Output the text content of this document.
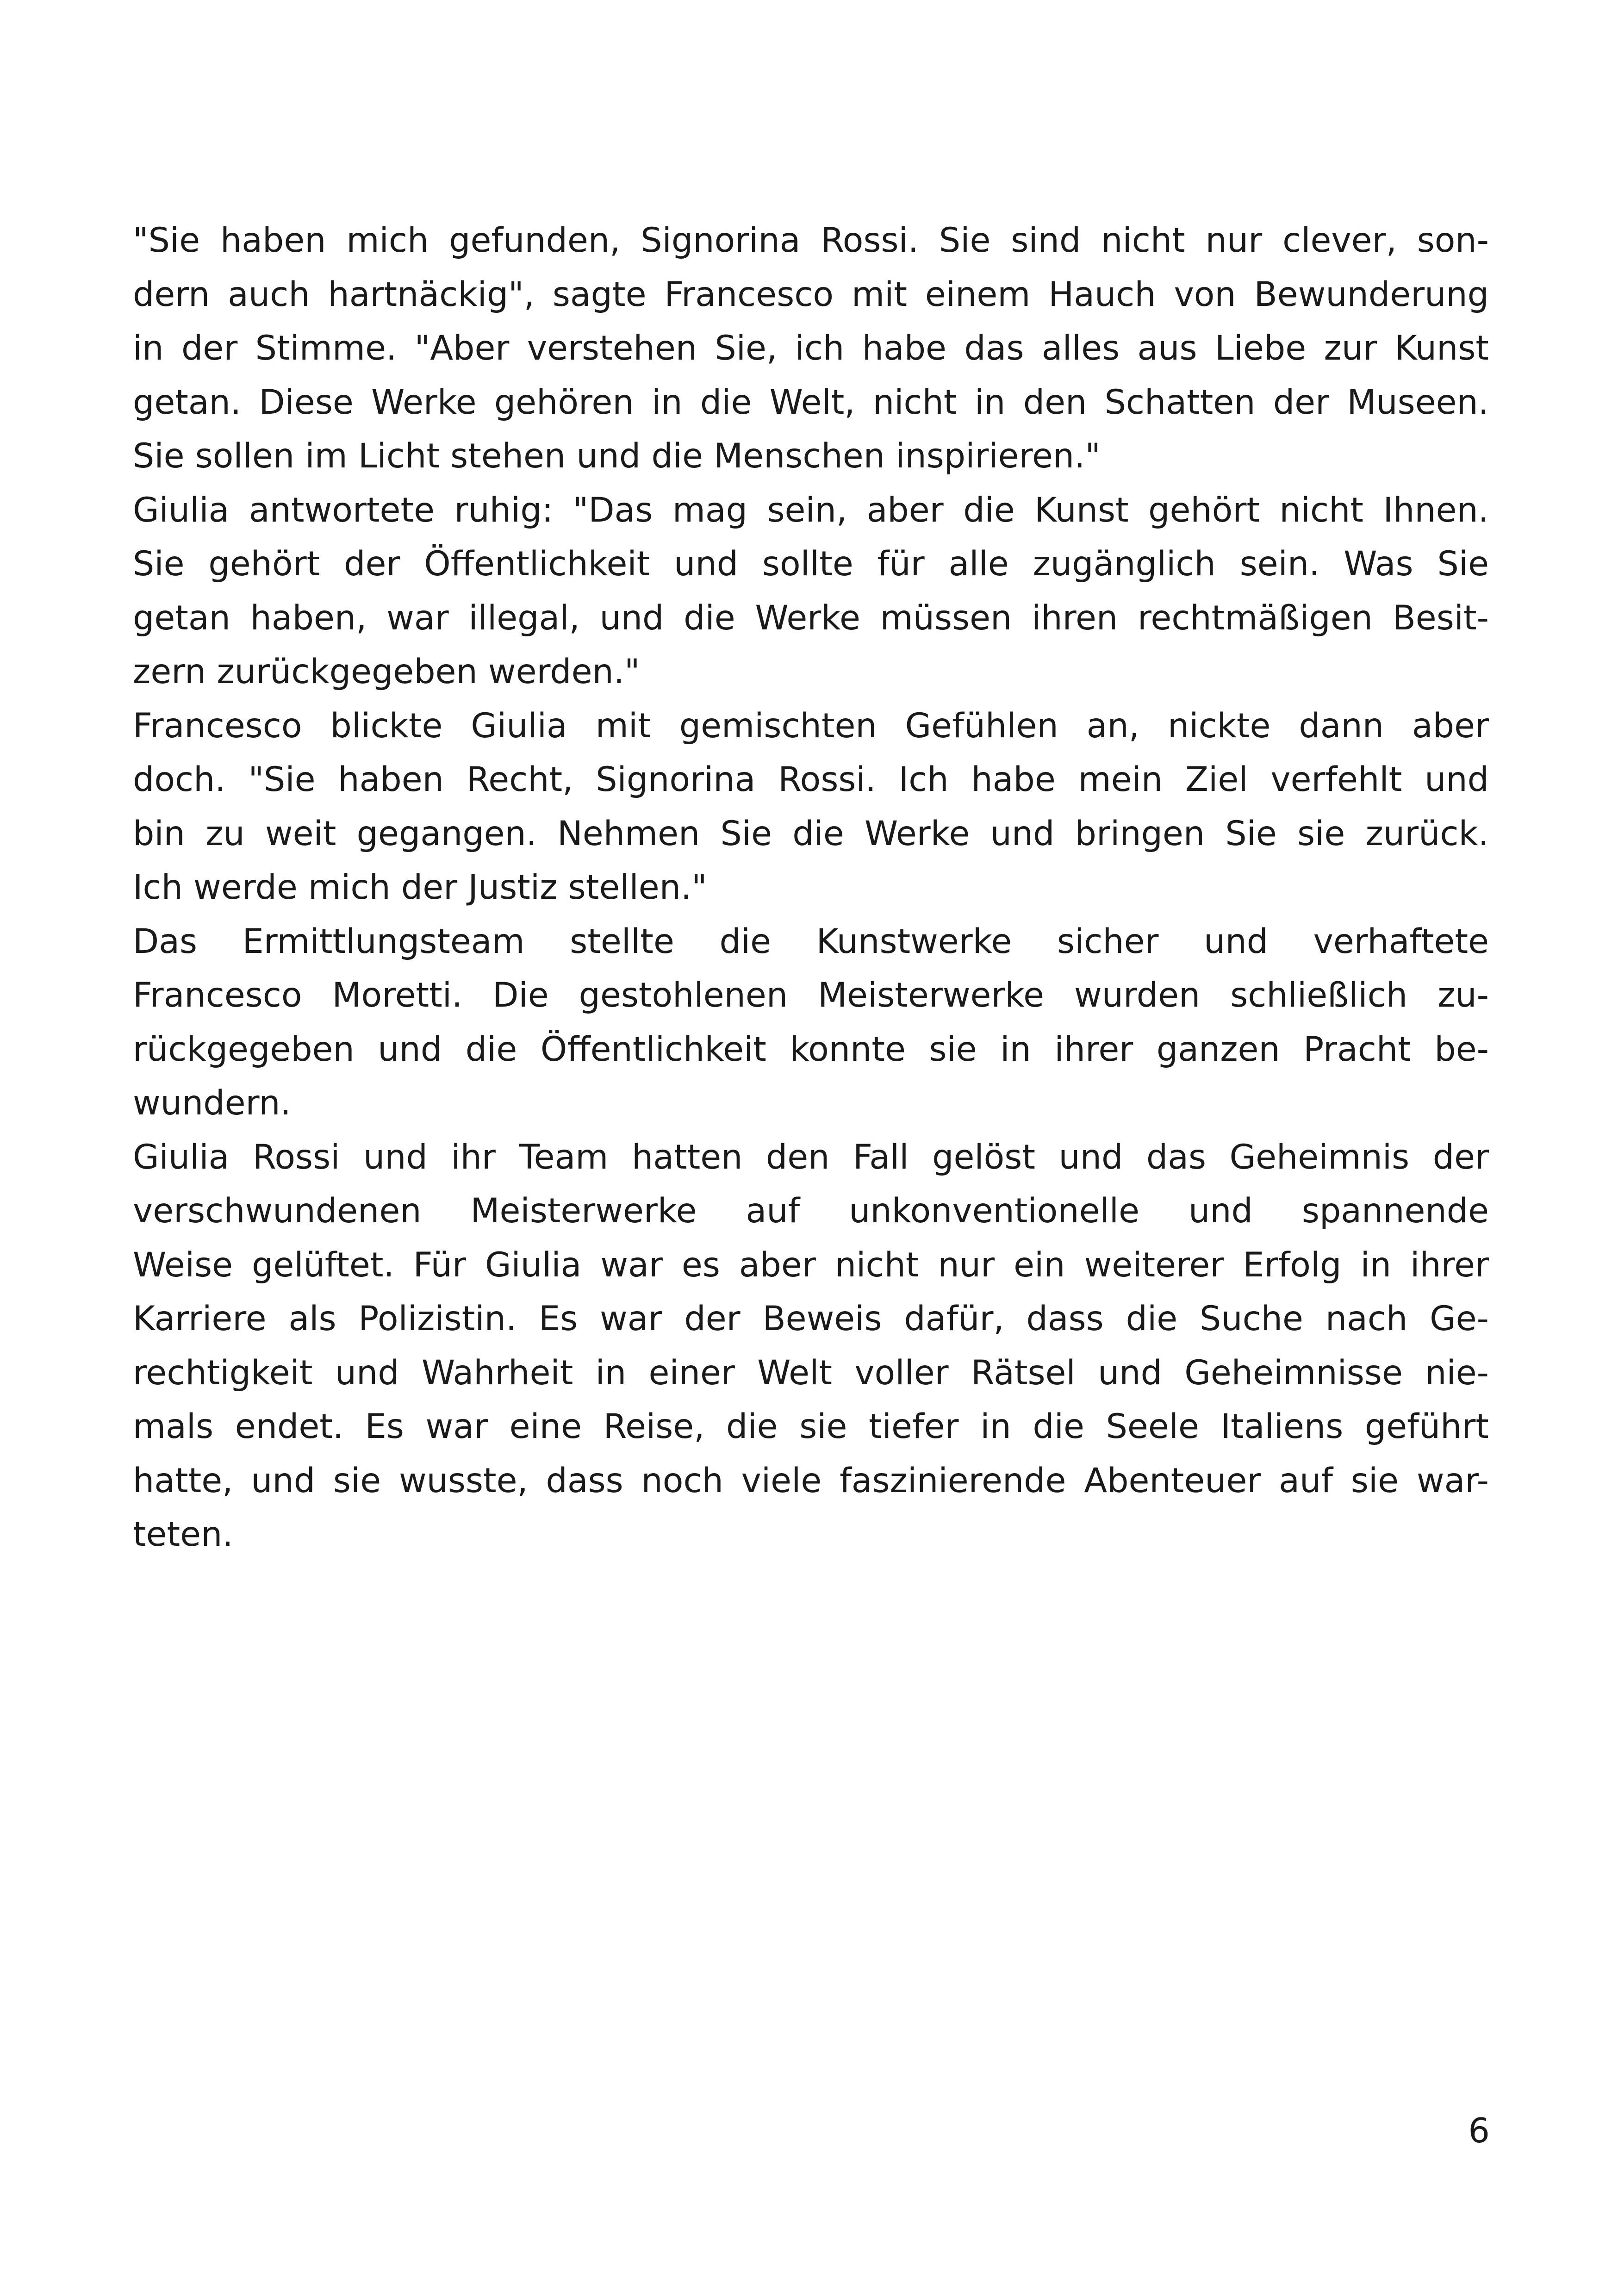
"Sie haben mich gefunden, Signorina Rossi. Sie sind nicht nur clever, son-
dern auch hartnäckig", sagte Francesco mit einem Hauch von Bewunderung
in der Stimme. "Aber verstehen Sie, ich habe das alles aus Liebe zur Kunst
getan. Diese Werke gehören in die Welt, nicht in den Schatten der Museen.
Sie sollen im Licht stehen und die Menschen inspirieren."
Giulia antwortete ruhig: "Das mag sein, aber die Kunst gehört nicht Ihnen.
Sie gehört der Öffentlichkeit und sollte für alle zugänglich sein. Was Sie
getan haben, war illegal, und die Werke müssen ihren rechtmäßigen Besit-
zern zurückgegeben werden."
Francesco blickte Giulia mit gemischten Gefühlen an, nickte dann aber
doch. "Sie haben Recht, Signorina Rossi. Ich habe mein Ziel verfehlt und
bin zu weit gegangen. Nehmen Sie die Werke und bringen Sie sie zurück.
Ich werde mich der Justiz stellen."
Das Ermittlungsteam stellte die Kunstwerke sicher und verhaftete
Francesco Moretti. Die gestohlenen Meisterwerke wurden schließlich zu-
rückgegeben und die Öffentlichkeit konnte sie in ihrer ganzen Pracht be-
wundern.
Giulia Rossi und ihr Team hatten den Fall gelöst und das Geheimnis der
verschwundenen Meisterwerke auf unkonventionelle und spannende
Weise gelüftet. Für Giulia war es aber nicht nur ein weiterer Erfolg in ihrer
Karriere als Polizistin. Es war der Beweis dafür, dass die Suche nach Ge-
rechtigkeit und Wahrheit in einer Welt voller Rätsel und Geheimnisse nie-
mals endet. Es war eine Reise, die sie tiefer in die Seele Italiens geführt
hatte, und sie wusste, dass noch viele faszinierende Abenteuer auf sie war-
teten.
6
